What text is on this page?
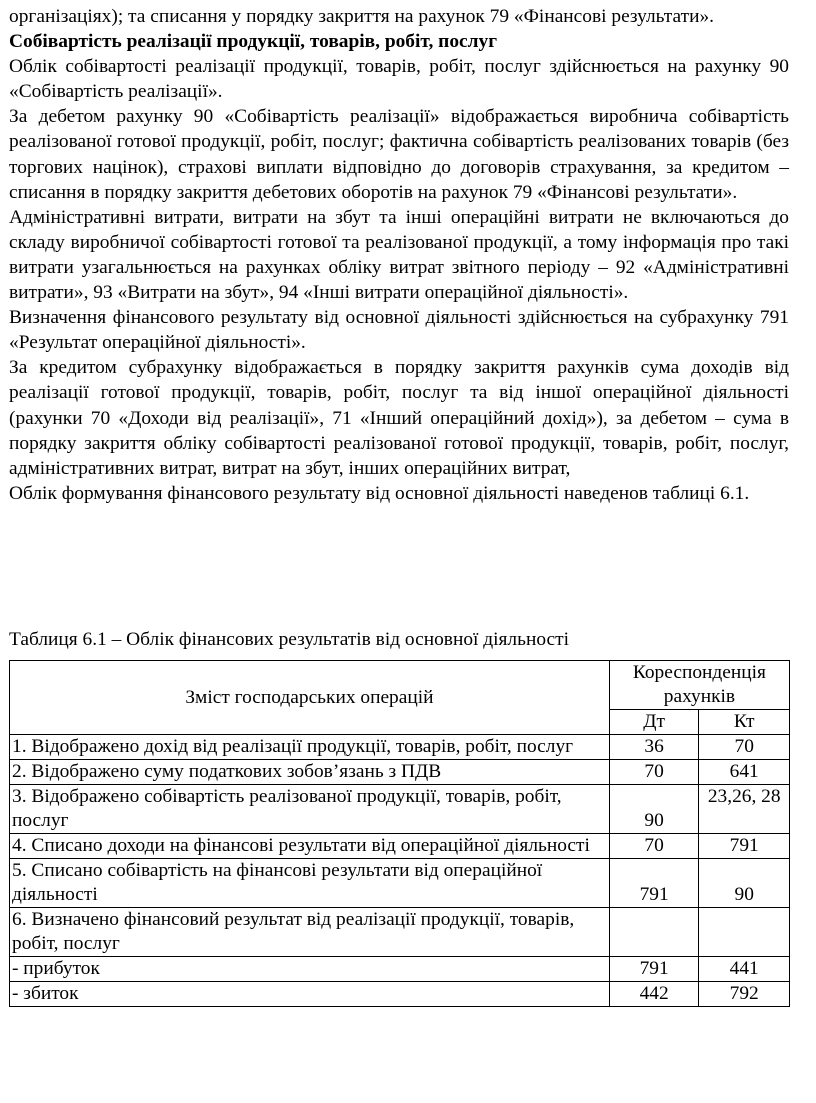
організаціях); та списання у порядку закриття на рахунок 79 «Фінансові результати».

Собівартість реалізації продукції, товарів, робіт, послуг

Облік собівартості реалізації продукції, товарів, робіт, послуг здійснюється на рахунку 90 «Собівартість реалізації».

За дебетом рахунку 90 «Собівартість реалізації» відображається виробнича собівартість реалізованої готової продукції, робіт, послуг; фактична собівартість реалізованих товарів (без торгових націнок), страхові виплати відповідно до договорів страхування, за кредитом – списання в порядку закриття дебетових оборотів на рахунок 79 «Фінансові результати».

Адміністративні витрати, витрати на збут та інші операційні витрати не включаються до складу виробничої собівартості готової та реалізованої продукції, а тому інформація про такі витрати узагальнюється на рахунках обліку витрат звітного періоду – 92 «Адміністративні витрати», 93 «Витрати на збут», 94 «Інші витрати операційної діяльності».

Визначення фінансового результату від основної діяльності здійснюється на субрахунку 791 «Результат операційної діяльності».

За кредитом субрахунку відображається в порядку закриття рахунків сума доходів від реалізації готової продукції, товарів, робіт, послуг та від іншої операційної діяльності (рахунки 70 «Доходи від реалізації», 71 «Інший операційний дохід»), за дебетом – сума в порядку закриття обліку собівартості реалізованої готової продукції, товарів, робіт, послуг, адміністративних витрат, витрат на збут, інших операційних витрат,

Облік формування фінансового результату від основної діяльності наведенов таблиці 6.1.

Таблиця 6.1 – Облік фінансових результатів від основної діяльності
Зміст господарських операцій	Кореспонденція рахунків	
	Дт	Кт
1. Відображено дохід від реалізації продукції, товарів, робіт, послуг	36	70
2. Відображено суму податкових зобов’язань з ПДВ	70	641
3. Відображено собівартість реалізованої продукції, товарів, робіт, послуг	90	23,26, 28
4. Списано доходи на фінансові результати від операційної діяльності	70	791
5. Списано собівартість на фінансові результати від операційної діяльності	791	90
6. Визначено фінансовий результат від реалізації продукції, товарів, робіт, послуг		
- прибуток	791	441
- збиток	442	792
